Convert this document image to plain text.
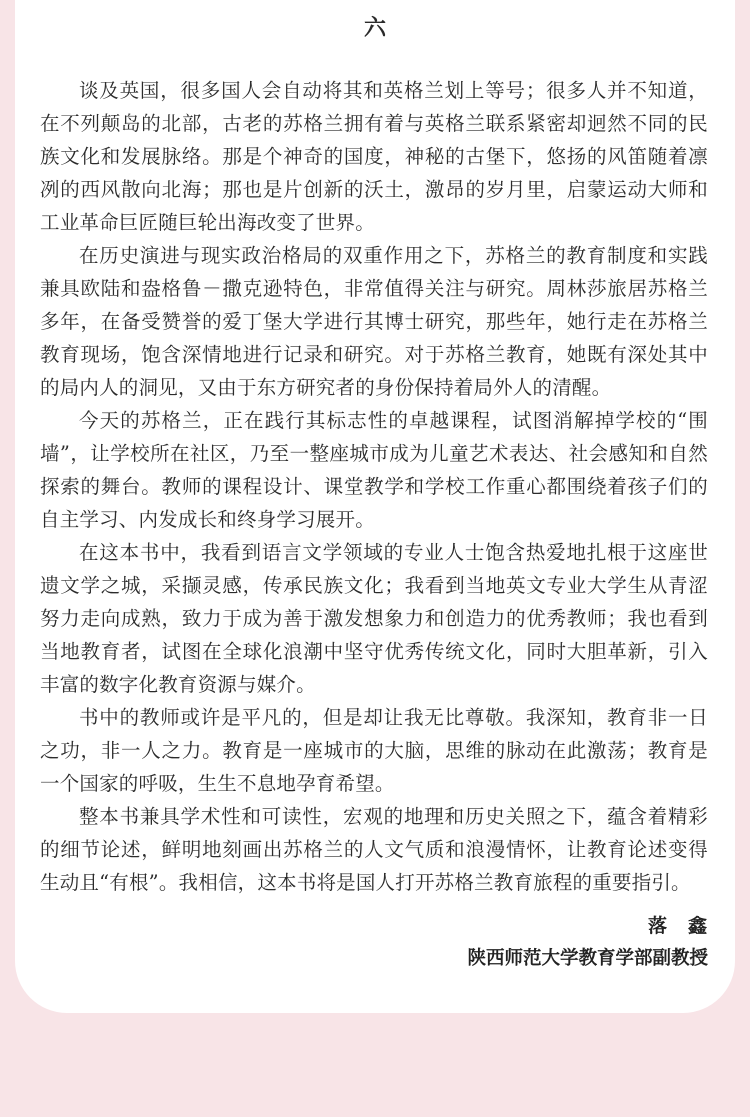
六

谈及英国，很多国人会自动将其和英格兰划上等号；很多人并不知道，在不列颠岛的北部，古老的苏格兰拥有着与英格兰联系紧密却迥然不同的民族文化和发展脉络。那是个神奇的国度，神秘的古堡下，悠扬的风笛随着凛冽的西风散向北海；那也是片创新的沃土，激昂的岁月里，启蒙运动大师和工业革命巨匠随巨轮出海改变了世界。

在历史演进与现实政治格局的双重作用之下，苏格兰的教育制度和实践兼具欧陆和盎格鲁－撒克逊特色，非常值得关注与研究。周林莎旅居苏格兰多年，在备受赞誉的爱丁堡大学进行其博士研究，那些年，她行走在苏格兰教育现场，饱含深情地进行记录和研究。对于苏格兰教育，她既有深处其中的局内人的洞见，又由于东方研究者的身份保持着局外人的清醒。

今天的苏格兰，正在践行其标志性的卓越课程，试图消解掉学校的“围墙”，让学校所在社区，乃至一整座城市成为儿童艺术表达、社会感知和自然探索的舞台。教师的课程设计、课堂教学和学校工作重心都围绕着孩子们的自主学习、内发成长和终身学习展开。

在这本书中，我看到语言文学领域的专业人士饱含热爱地扎根于这座世遗文学之城，采撷灵感，传承民族文化；我看到当地英文专业大学生从青涩努力走向成熟，致力于成为善于激发想象力和创造力的优秀教师；我也看到当地教育者，试图在全球化浪潮中坚守优秀传统文化，同时大胆革新，引入丰富的数字化教育资源与媒介。

书中的教师或许是平凡的，但是却让我无比尊敬。我深知，教育非一日之功，非一人之力。教育是一座城市的大脑，思维的脉动在此激荡；教育是一个国家的呼吸，生生不息地孕育希望。

整本书兼具学术性和可读性，宏观的地理和历史关照之下，蕴含着精彩的细节论述，鲜明地刻画出苏格兰的人文气质和浪漫情怀，让教育论述变得生动且“有根”。我相信，这本书将是国人打开苏格兰教育旅程的重要指引。

落　鑫
陕西师范大学教育学部副教授
